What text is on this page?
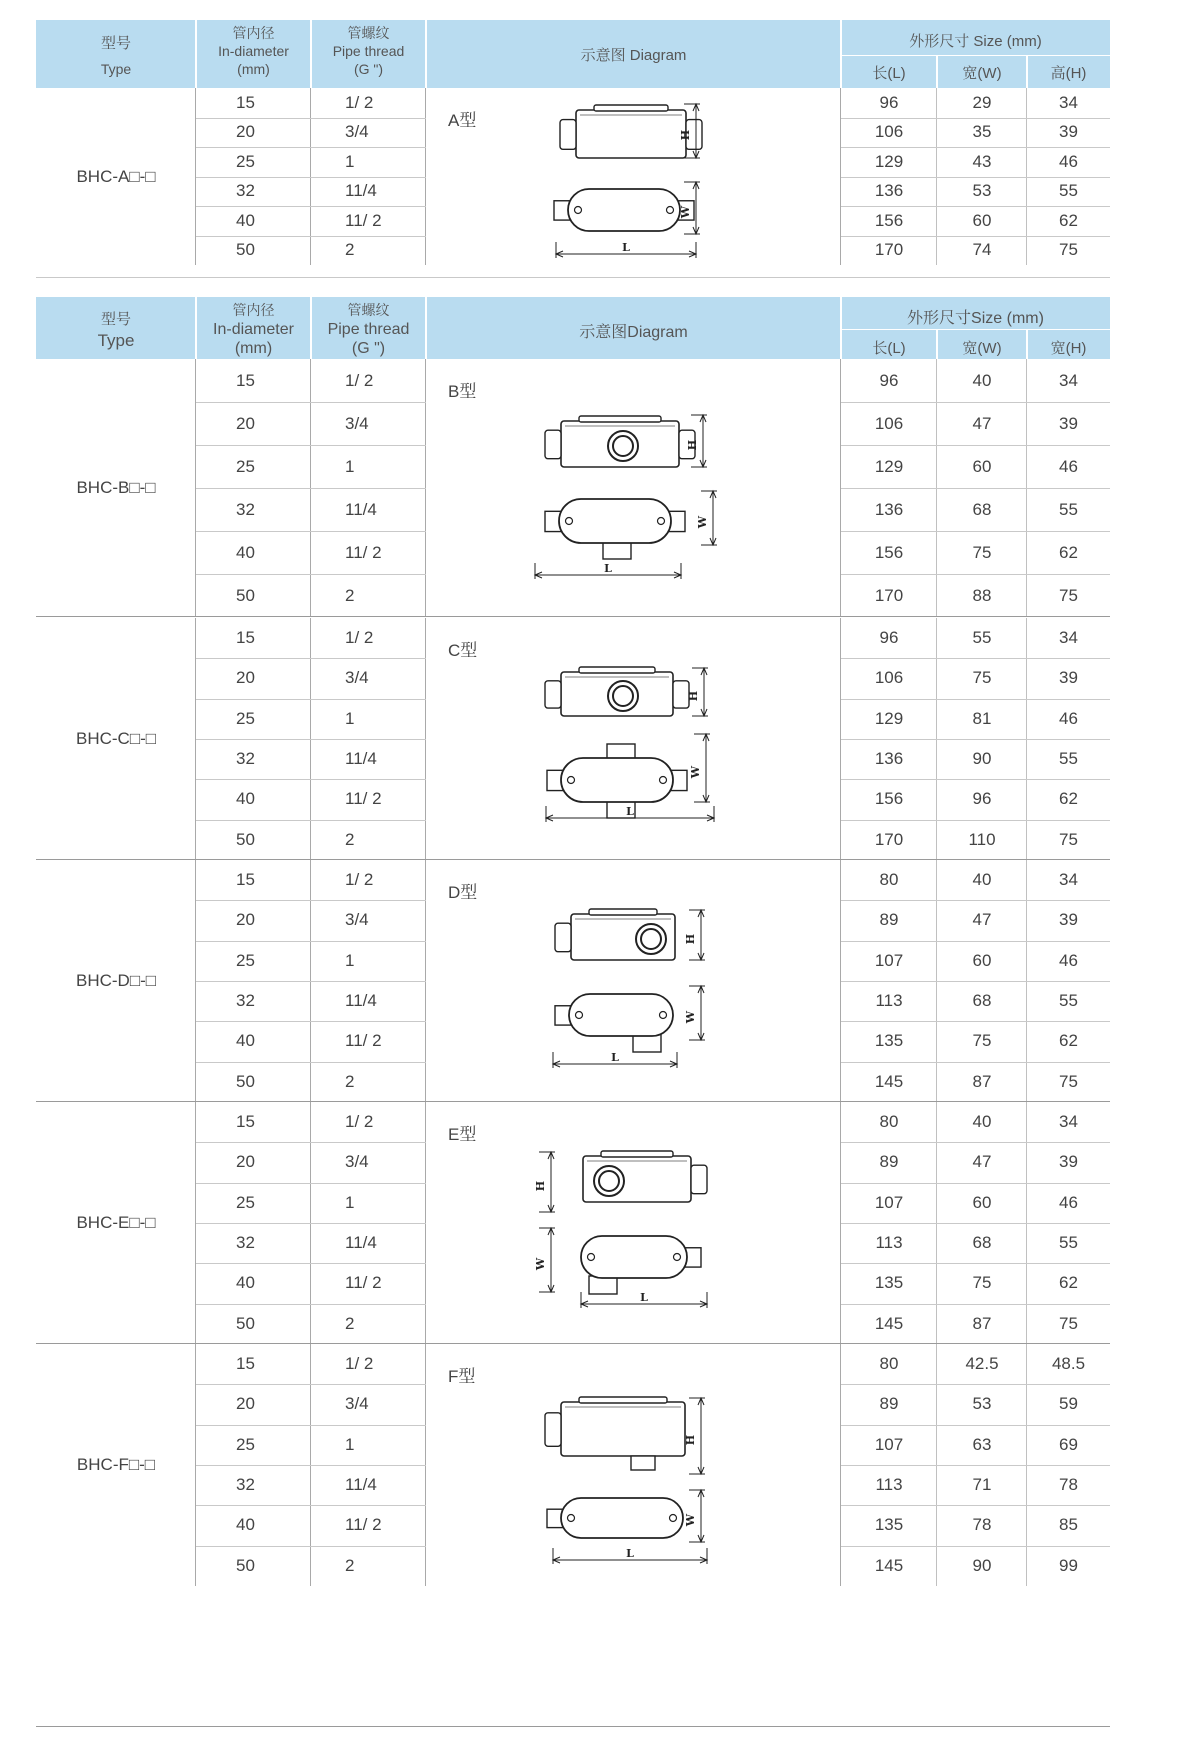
型号
Type
管内径
In-diameter
(mm)
管螺纹
Pipe thread
(G ")
示意图 Diagram
外形尺寸 Size (mm)
长(L)	宽(W)	高(H)
BHC-A□-□
15	1/ 2	96	29	34
20	3/4	106	35	39
25	1	129	43	46
32	11/4	136	53	55
40	11/ 2	156	60	62
50	2	170	74	75
A型
H
W
L
型号
Type
管内径
In-diameter
(mm)
管螺纹
Pipe thread
(G ")
示意图Diagram
外形尺寸Size (mm)
长(L)	宽(W)	宽(H)
BHC-B□-□
15	1/ 2	96	40	34
20	3/4	106	47	39
25	1	129	60	46
32	11/4	136	68	55
40	11/ 2	156	75	62
50	2	170	88	75
B型
H
W
L
BHC-C□-□
15	1/ 2	96	55	34
20	3/4	106	75	39
25	1	129	81	46
32	11/4	136	90	55
40	11/ 2	156	96	62
50	2	170	110	75
C型
H
W
L
BHC-D□-□
15	1/ 2	80	40	34
20	3/4	89	47	39
25	1	107	60	46
32	11/4	113	68	55
40	11/ 2	135	75	62
50	2	145	87	75
D型
H
W
L
BHC-E□-□
15	1/ 2	80	40	34
20	3/4	89	47	39
25	1	107	60	46
32	11/4	113	68	55
40	11/ 2	135	75	62
50	2	145	87	75
E型
H
W
L
BHC-F□-□
15	1/ 2	80	42.5	48.5
20	3/4	89	53	59
25	1	107	63	69
32	11/4	113	71	78
40	11/ 2	135	78	85
50	2	145	90	99
F型
H
W
L
